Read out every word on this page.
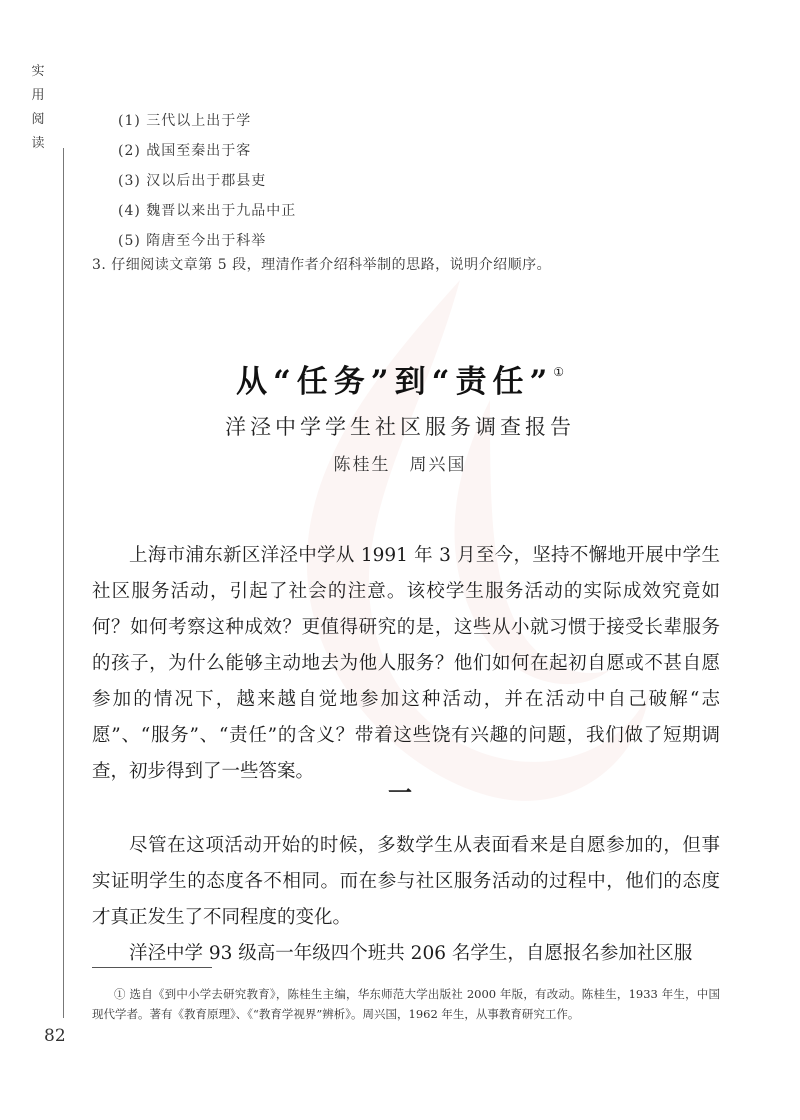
实
用
阅
读
(1) 三代以上出于学
(2) 战国至秦出于客
(3) 汉以后出于郡县吏
(4) 魏晋以来出于九品中正
(5) 隋唐至今出于科举
3. 仔细阅读文章第 5 段，理清作者介绍科举制的思路，说明介绍顺序。
从“任务”到“责任”①
洋泾中学学生社区服务调查报告
陈桂生　周兴国

上海市浦东新区洋泾中学从 1991 年 3 月至今，坚持不懈地开展中学生社区服务活动，引起了社会的注意。该校学生服务活动的实际成效究竟如何？如何考察这种成效？更值得研究的是，这些从小就习惯于接受长辈服务的孩子，为什么能够主动地去为他人服务？他们如何在起初自愿或不甚自愿参加的情况下，越来越自觉地参加这种活动，并在活动中自己破解“志愿”、“服务”、“责任”的含义？带着这些饶有兴趣的问题，我们做了短期调查，初步得到了一些答案。

一

尽管在这项活动开始的时候，多数学生从表面看来是自愿参加的，但事实证明学生的态度各不相同。而在参与社区服务活动的过程中，他们的态度才真正发生了不同程度的变化。

洋泾中学 93 级高一年级四个班共 206 名学生，自愿报名参加社区服

① 选自《到中小学去研究教育》，陈桂生主编，华东师范大学出版社 2000 年版，有改动。陈桂生，1933 年生，中国现代学者。著有《教育原理》、《“教育学视界”辨析》。周兴国，1962 年生，从事教育研究工作。

82
